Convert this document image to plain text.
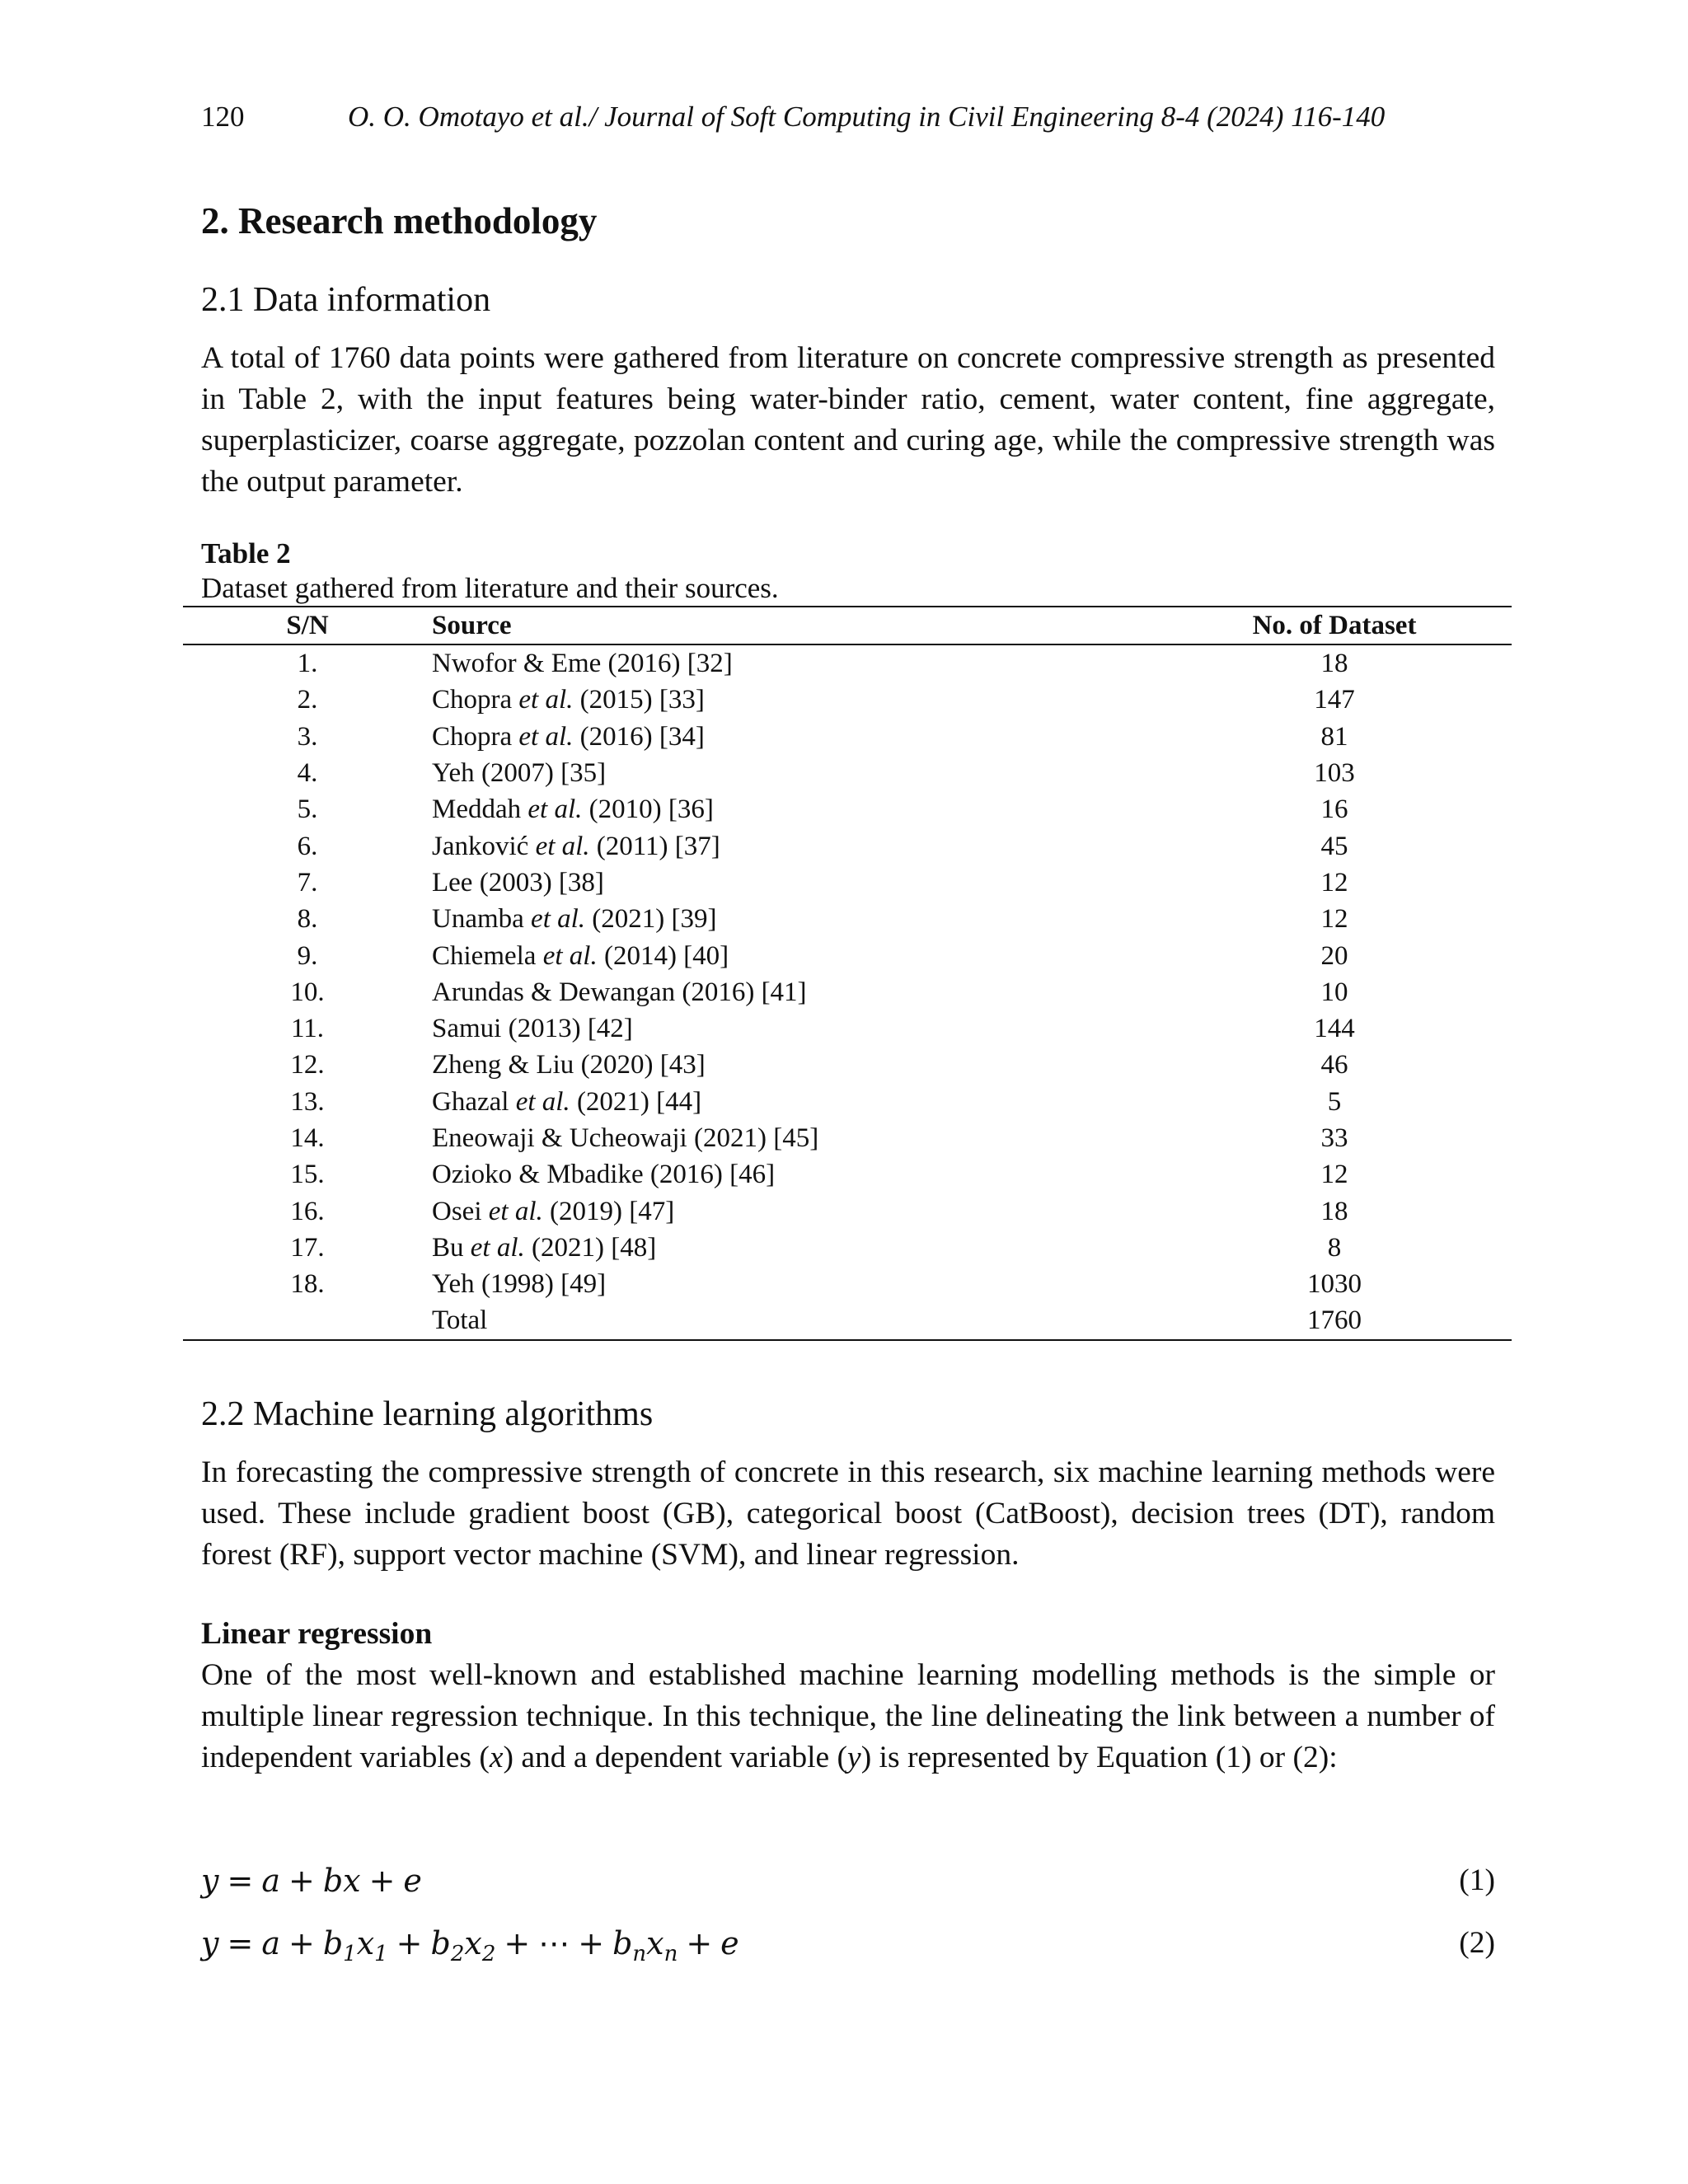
120	O. O. Omotayo et al./ Journal of Soft Computing in Civil Engineering 8-4 (2024) 116-140
2. Research methodology
2.1 Data information
A total of 1760 data points were gathered from literature on concrete compressive strength as presented in Table 2, with the input features being water-binder ratio, cement, water content, fine aggregate, superplasticizer, coarse aggregate, pozzolan content and curing age, while the compressive strength was the output parameter.
Table 2
Dataset gathered from literature and their sources.
S/N	Source	No. of Dataset
1.	Nwofor & Eme (2016) [32]	18
2.	Chopra et al. (2015) [33]	147
3.	Chopra et al. (2016) [34]	81
4.	Yeh (2007) [35]	103
5.	Meddah et al. (2010) [36]	16
6.	Janković et al. (2011) [37]	45
7.	Lee (2003) [38]	12
8.	Unamba et al. (2021) [39]	12
9.	Chiemela et al. (2014) [40]	20
10.	Arundas & Dewangan (2016) [41]	10
11.	Samui (2013) [42]	144
12.	Zheng & Liu (2020) [43]	46
13.	Ghazal et al. (2021) [44]	5
14.	Eneowaji & Ucheowaji (2021) [45]	33
15.	Ozioko & Mbadike (2016) [46]	12
16.	Osei et al. (2019) [47]	18
17.	Bu et al. (2021) [48]	8
18.	Yeh (1998) [49]	1030
	Total	1760
2.2 Machine learning algorithms
In forecasting the compressive strength of concrete in this research, six machine learning methods were used. These include gradient boost (GB), categorical boost (CatBoost), decision trees (DT), random forest (RF), support vector machine (SVM), and linear regression.
Linear regression
One of the most well-known and established machine learning modelling methods is the simple or multiple linear regression technique. In this technique, the line delineating the link between a number of independent variables (x) and a dependent variable (y) is represented by Equation (1) or (2):
y = a + bx + e	(1)
$y = a + b_1x_1 + b_2x_2$ + ⋯ + $b_nx_n + e$	(2)
